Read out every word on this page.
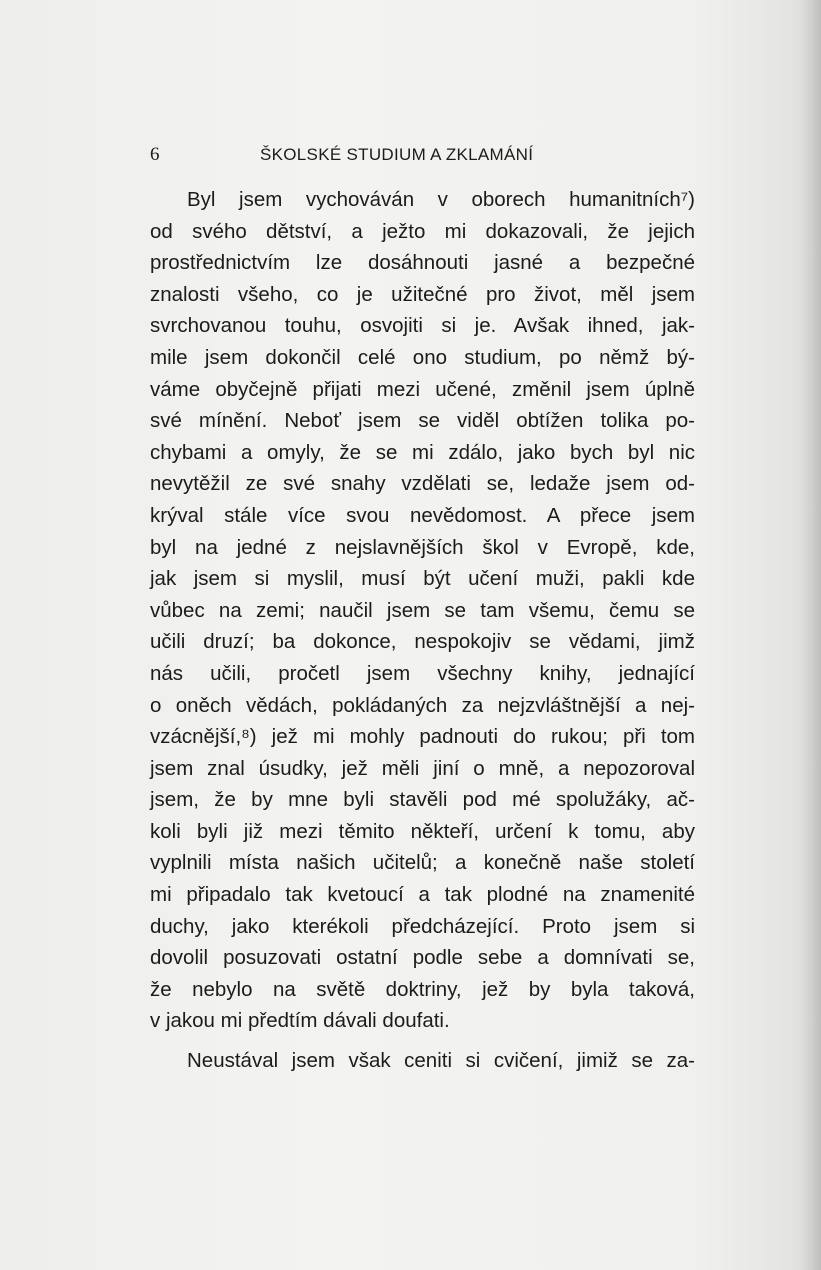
6	ŠKOLSKÉ STUDIUM A ZKLAMÁNÍ
Byl jsem vychováván v oborech humanitních⁷)
od svého dětství, a ježto mi dokazovali, že jejich
prostřednictvím lze dosáhnouti jasné a bezpečné
znalosti všeho, co je užitečné pro život, měl jsem
svrchovanou touhu, osvojiti si je. Avšak ihned, jak-
mile jsem dokončil celé ono studium, po němž bý-
váme obyčejně přijati mezi učené, změnil jsem úplně
své mínění. Neboť jsem se viděl obtížen tolika po-
chybami a omyly, že se mi zdálo, jako bych byl nic
nevytěžil ze své snahy vzdělati se, ledaže jsem od-
krýval stále více svou nevědomost. A přece jsem
byl na jedné z nejslavnějších škol v Evropě, kde,
jak jsem si myslil, musí být učení muži, pakli kde
vůbec na zemi; naučil jsem se tam všemu, čemu se
učili druzí; ba dokonce, nespokojiv se vědami, jimž
nás učili, pročetl jsem všechny knihy, jednající
o oněch vědách, pokládaných za nejzvláštnější a nej-
vzácnější,⁸) jež mi mohly padnouti do rukou; při tom
jsem znal úsudky, jež měli jiní o mně, a nepozoroval
jsem, že by mne byli stavěli pod mé spolužáky, ač-
koli byli již mezi těmito někteří, určení k tomu, aby
vyplnili místa našich učitelů; a konečně naše století
mi připadalo tak kvetoucí a tak plodné na znamenité
duchy, jako kterékoli předcházející. Proto jsem si
dovolil posuzovati ostatní podle sebe a domnívati se,
že nebylo na světě doktriny, jež by byla taková,
v jakou mi předtím dávali doufati.
Neustával jsem však ceniti si cvičení, jimiž se za-
